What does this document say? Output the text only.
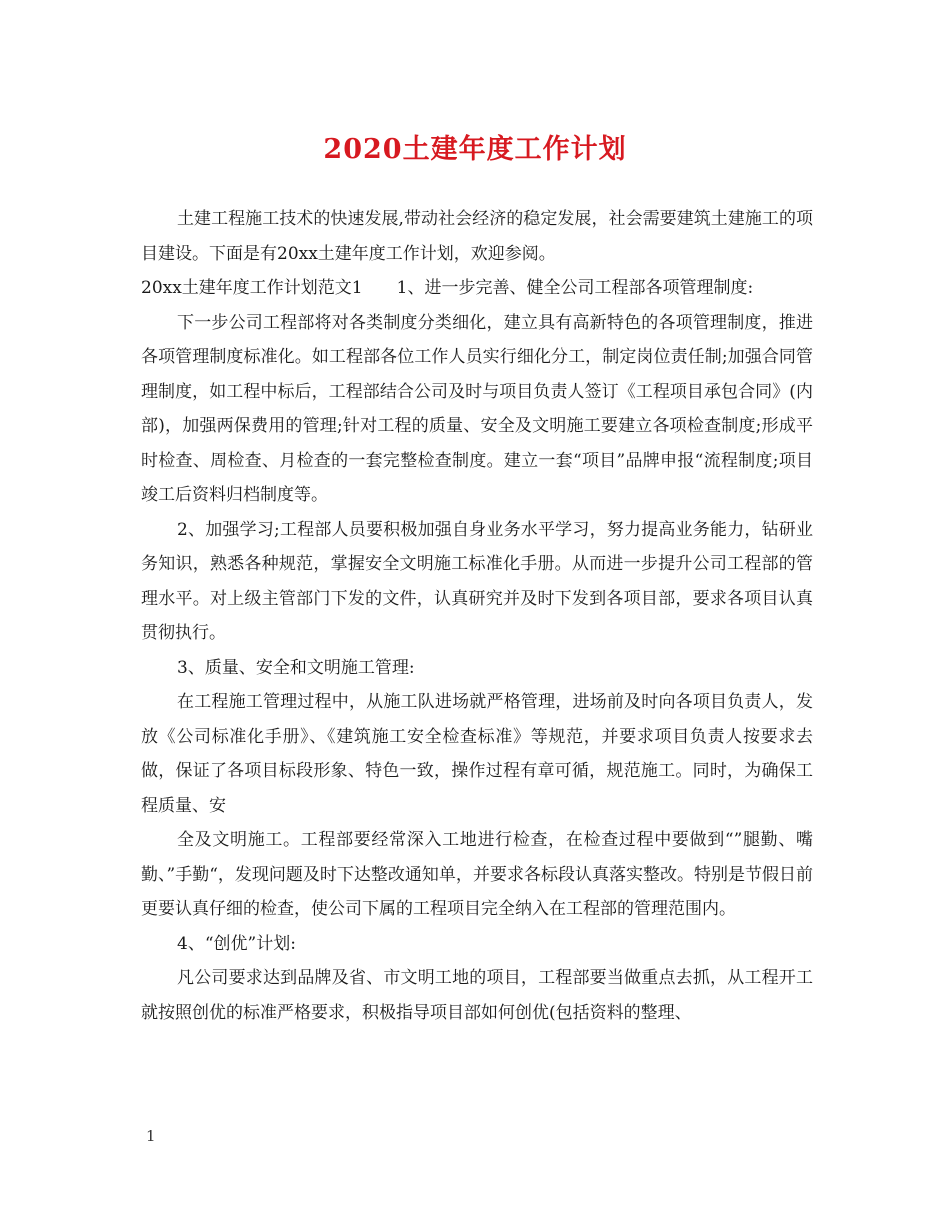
2020土建年度工作计划

土建工程施工技术的快速发展,带动社会经济的稳定发展，社会需要建筑土建施工的项目建设。下面是有20xx土建年度工作计划，欢迎参阅。

20xx土建年度工作计划范文1 1、进一步完善、健全公司工程部各项管理制度:

下一步公司工程部将对各类制度分类细化，建立具有高新特色的各项管理制度，推进各项管理制度标准化。如工程部各位工作人员实行细化分工，制定岗位责任制;加强合同管理制度，如工程中标后，工程部结合公司及时与项目负责人签订《工程项目承包合同》(内部)，加强两保费用的管理;针对工程的质量、安全及文明施工要建立各项检查制度;形成平时检查、周检查、月检查的一套完整检查制度。建立一套“项目”品牌申报“流程制度;项目竣工后资料归档制度等。

2、加强学习;工程部人员要积极加强自身业务水平学习，努力提高业务能力，钻研业务知识，熟悉各种规范，掌握安全文明施工标准化手册。从而进一步提升公司工程部的管理水平。对上级主管部门下发的文件，认真研究并及时下发到各项目部，要求各项目认真贯彻执行。

3、质量、安全和文明施工管理:

在工程施工管理过程中，从施工队进场就严格管理，进场前及时向各项目负责人，发放《公司标准化手册》、《建筑施工安全检查标准》等规范，并要求项目负责人按要求去做，保证了各项目标段形象、特色一致，操作过程有章可循，规范施工。同时，为确保工程质量、安

全及文明施工。工程部要经常深入工地进行检查，在检查过程中要做到“”腿勤、嘴勤、”手勤“，发现问题及时下达整改通知单，并要求各标段认真落实整改。特别是节假日前更要认真仔细的检查，使公司下属的工程项目完全纳入在工程部的管理范围内。

4、“创优”计划:

凡公司要求达到品牌及省、市文明工地的项目，工程部要当做重点去抓，从工程开工就按照创优的标准严格要求，积极指导项目部如何创优(包括资料的整理、

1
